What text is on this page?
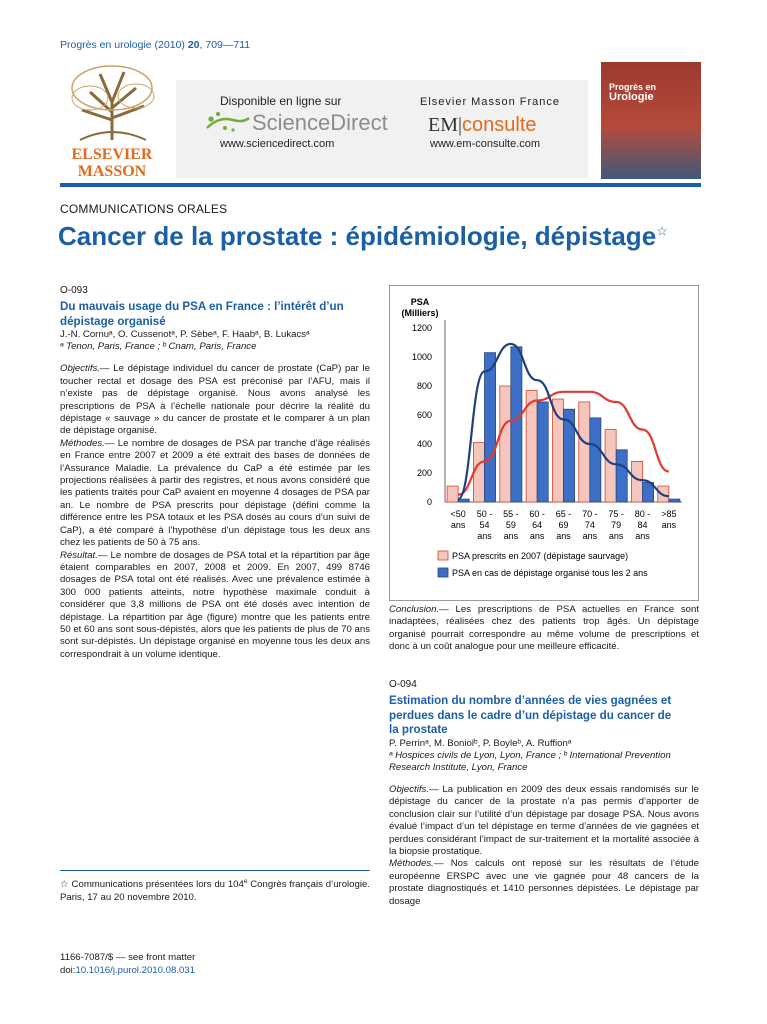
Progrès en urologie (2010) 20, 709—711
ELSEVIER
MASSON
Disponible en ligne sur
ScienceDirect
www.sciencedirect.com
Elsevier Masson France
EM|consulte
www.em-consulte.com
Progrès en
Urologie
COMMUNICATIONS ORALES
Cancer de la prostate : épidémiologie, dépistage☆
O-093
Du mauvais usage du PSA en France : l’intérêt d’un
dépistage organisé
J.-N. Cornuᵃ, O. Cussenotᵃ, P. Sèbeᵃ, F. Haabᵃ, B. Lukacsᵃ
ᵃ Tenon, Paris, France ; ᵇ Cnam, Paris, France
Objectifs.— Le dépistage individuel du cancer de prostate (CaP) par le toucher rectal et dosage des PSA est préconisé par l’AFU, mais il n’existe pas de dépistage organisé. Nous avons analysé les prescriptions de PSA à l’échelle nationale pour décrire la réalité du dépistage « sauvage » du cancer de prostate et le comparer à un plan de dépistage organisé.
Méthodes.— Le nombre de dosages de PSA par tranche d’âge réalisés en France entre 2007 et 2009 a été extrait des bases de données de l’Assurance Maladie. La prévalence du CaP a été estimée par les projections réalisées à partir des registres, et nous avons considéré que les patients traités pour CaP avaient en moyenne 4 dosages de PSA par an. Le nombre de PSA prescrits pour dépistage (défini comme la différence entre les PSA totaux et les PSA dosés au cours d’un suivi de CaP), a été comparé à l’hypothèse d’un dépistage tous les deux ans chez les patients de 50 à 75 ans.
Résultat.— Le nombre de dosages de PSA total et la répartition par âge étaient comparables en 2007, 2008 et 2009. En 2007, 499 8746 dosages de PSA total ont été réalisés. Avec une prévalence estimée à 300 000 patients atteints, notre hypothèse maximale conduit à considérer que 3,8 millions de PSA ont été dosés avec intention de dépistage. La répartition par âge (figure) montre que les patients entre 50 et 60 ans sont sous-dépistés, alors que les patients de plus de 70 ans sont sur-dépistés. Un dépistage organisé en moyenne tous les deux ans correspondrait à un volume identique.
PSA
(Milliers)
0
200
400
600
800
1000
1200
<50
ans
50 -
54
ans
55 -
59
ans
60 -
64
ans
65 -
69
ans
70 -
74
ans
75 -
79
ans
80 -
84
ans
>85
ans
PSA prescrits en 2007 (dépistage saurvage)
PSA en cas de dépistage organisé tous les 2 ans
Conclusion.— Les prescriptions de PSA actuelles en France sont inadaptées, réalisées chez des patients trop âgés. Un dépistage organisé pourrait correspondre au même volume de prescriptions et donc à un coût analogue pour une meilleure efficacité.
O-094
Estimation du nombre d’années de vies gagnées et
perdues dans le cadre d’un dépistage du cancer de
la prostate
P. Perrinᵃ, M. Boniolᵇ, P. Boyleᵇ, A. Ruffionᵃ
ᵃ Hospices civils de Lyon, Lyon, France ; ᵇ International Prevention
Research Institute, Lyon, France
Objectifs.— La publication en 2009 des deux essais randomisés sur le dépistage du cancer de la prostate n’a pas permis d’apporter de conclusion clair sur l’utilité d’un dépistage par dosage PSA. Nous avons évalué l’impact d’un tel dépistage en terme d’années de vie gagnées et perdues considérant l’impact de sur-traitement et la mortalité associée à la biopsie prostatique.
Méthodes.— Nos calculs ont reposé sur les résultats de l’étude européenne ERSPC avec une vie gagnée pour 48 cancers de la prostate diagnostiqués et 1410 personnes dépistées. Le dépistage par dosage
☆ Communications présentées lors du 104e Congrès français d’urologie. Paris, 17 au 20 novembre 2010.
1166-7087/$ — see front matter
doi:10.1016/j.purol.2010.08.031
